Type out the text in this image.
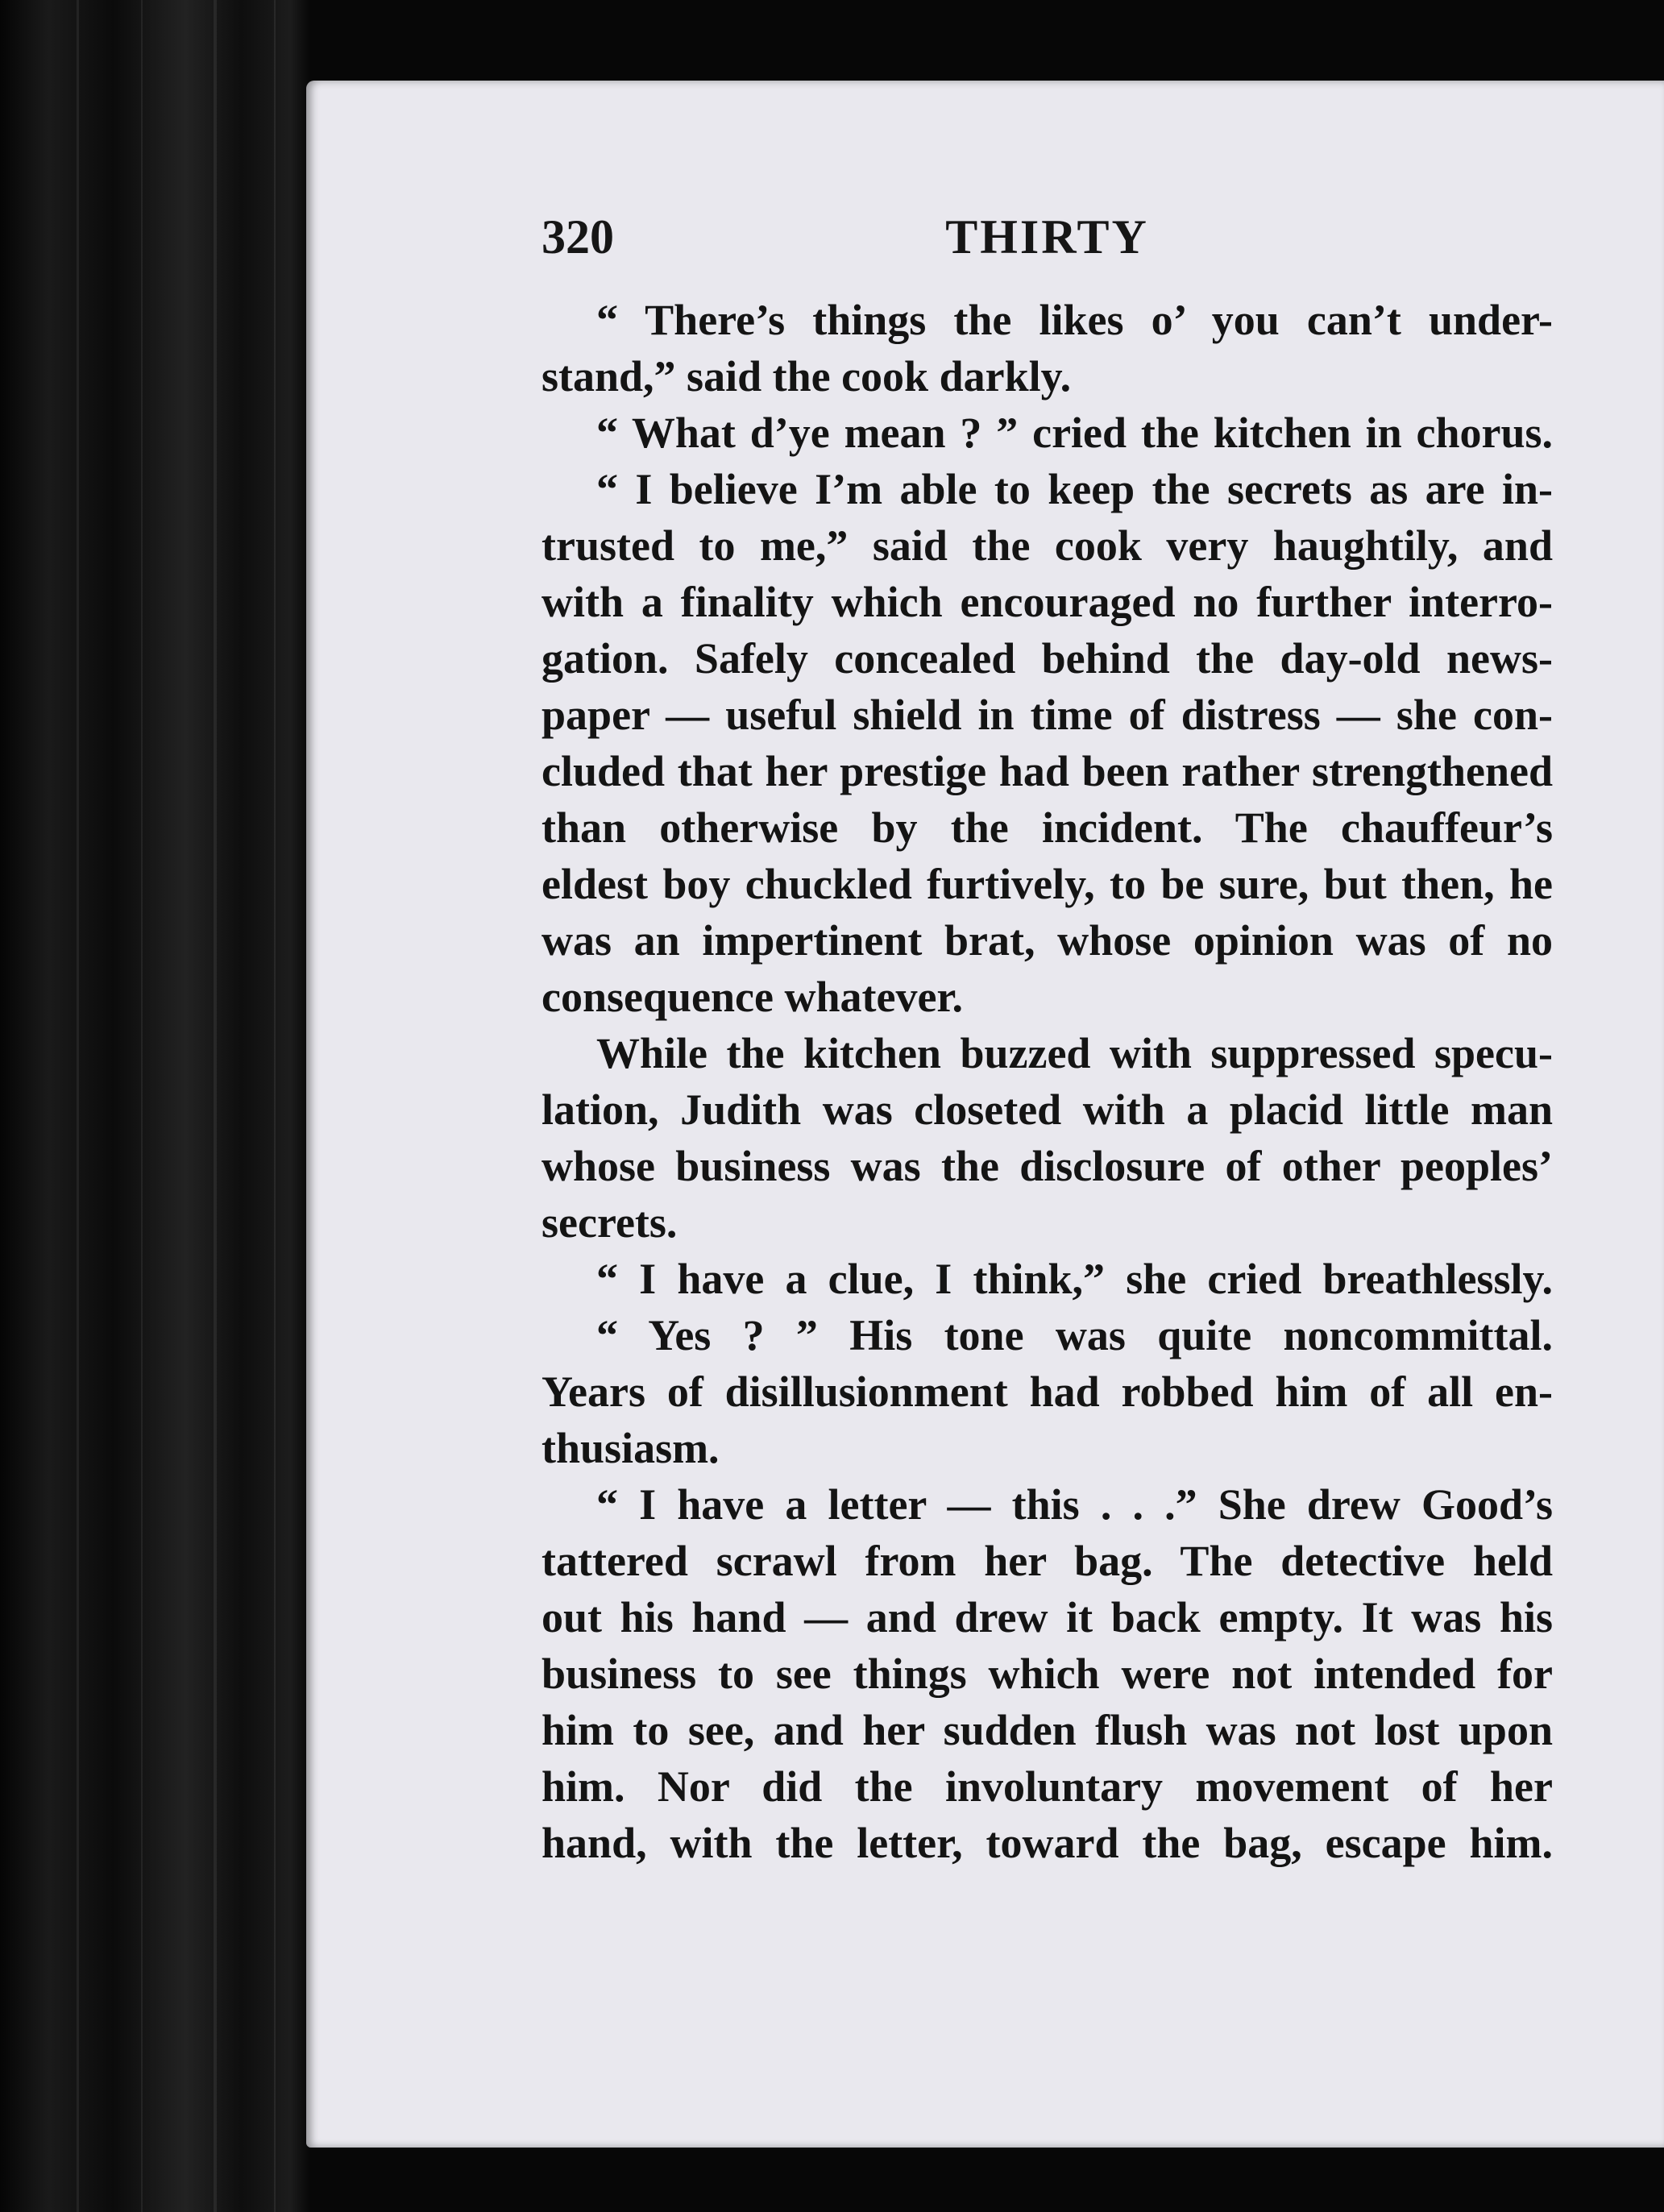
320	THIRTY
“ There’s things the likes o’ you can’t under-
stand,” said the cook darkly.
“ What d’ye mean ? ” cried the kitchen in chorus.
“ I believe I’m able to keep the secrets as are in-
trusted to me,” said the cook very haughtily, and
with a finality which encouraged no further interro-
gation. Safely concealed behind the day-old news-
paper — useful shield in time of distress — she con-
cluded that her prestige had been rather strengthened
than otherwise by the incident. The chauffeur’s
eldest boy chuckled furtively, to be sure, but then, he
was an impertinent brat, whose opinion was of no
consequence whatever.
While the kitchen buzzed with suppressed specu-
lation, Judith was closeted with a placid little man
whose business was the disclosure of other peoples’
secrets.
“ I have a clue, I think,” she cried breathlessly.
“ Yes ? ” His tone was quite noncommittal.
Years of disillusionment had robbed him of all en-
thusiasm.
“ I have a letter — this . . .” She drew Good’s
tattered scrawl from her bag. The detective held
out his hand — and drew it back empty. It was his
business to see things which were not intended for
him to see, and her sudden flush was not lost upon
him. Nor did the involuntary movement of her
hand, with the letter, toward the bag, escape him.
